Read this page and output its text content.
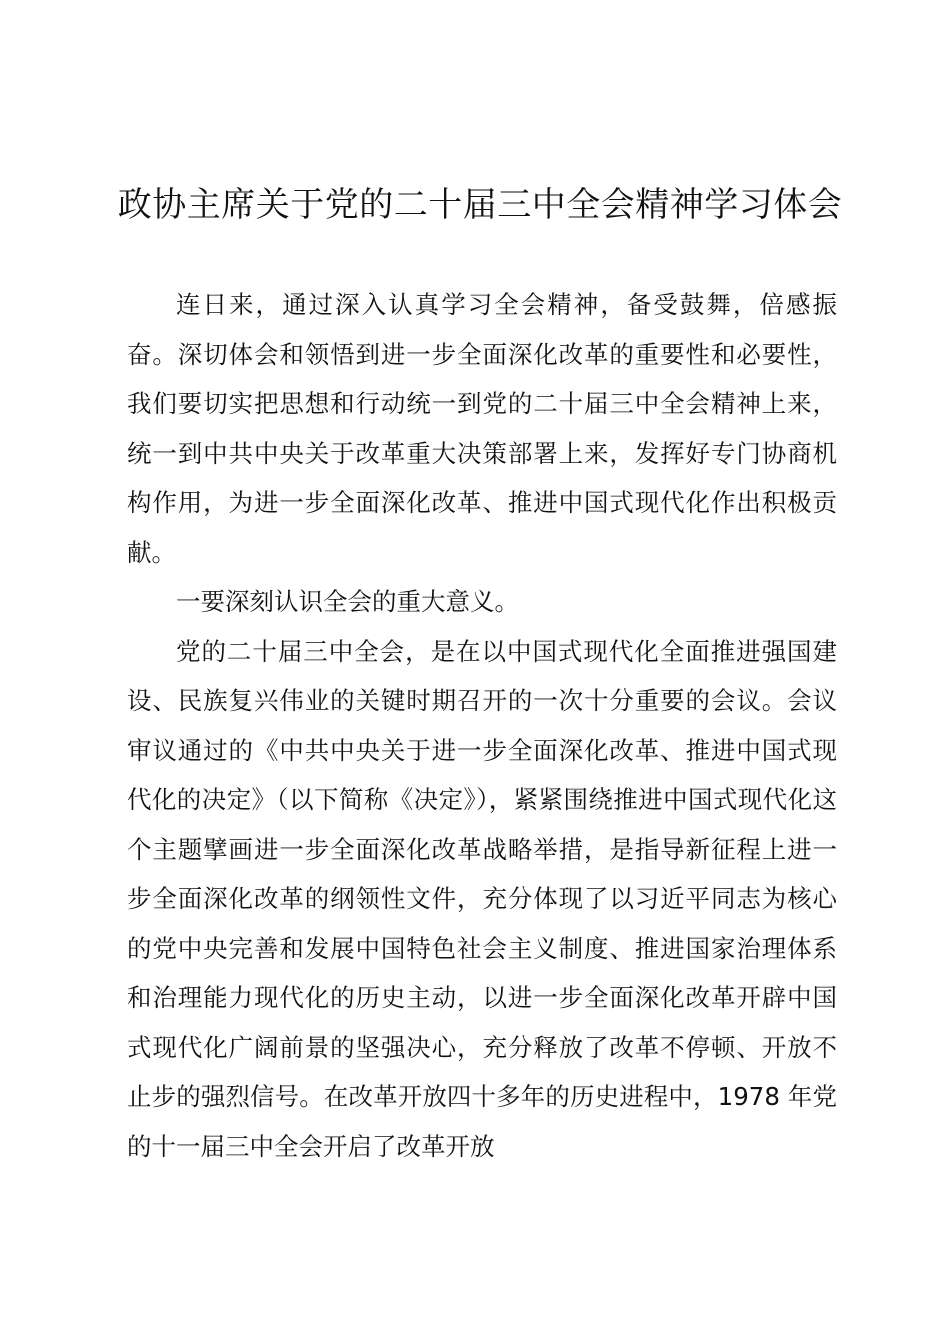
政协主席关于党的二十届三中全会精神学习体会

连日来，通过深入认真学习全会精神，备受鼓舞，倍感振奋。深切体会和领悟到进一步全面深化改革的重要性和必要性，我们要切实把思想和行动统一到党的二十届三中全会精神上来，统一到中共中央关于改革重大决策部署上来，发挥好专门协商机构作用，为进一步全面深化改革、推进中国式现代化作出积极贡献。

一要深刻认识全会的重大意义。

党的二十届三中全会，是在以中国式现代化全面推进强国建设、民族复兴伟业的关键时期召开的一次十分重要的会议。会议审议通过的《中共中央关于进一步全面深化改革、推进中国式现代化的决定》（以下简称《决定》），紧紧围绕推进中国式现代化这个主题擘画进一步全面深化改革战略举措，是指导新征程上进一步全面深化改革的纲领性文件，充分体现了以习近平同志为核心的党中央完善和发展中国特色社会主义制度、推进国家治理体系和治理能力现代化的历史主动，以进一步全面深化改革开辟中国式现代化广阔前景的坚强决心，充分释放了改革不停顿、开放不止步的强烈信号。在改革开放四十多年的历史进程中，1978 年党的十一届三中全会开启了改革开放
